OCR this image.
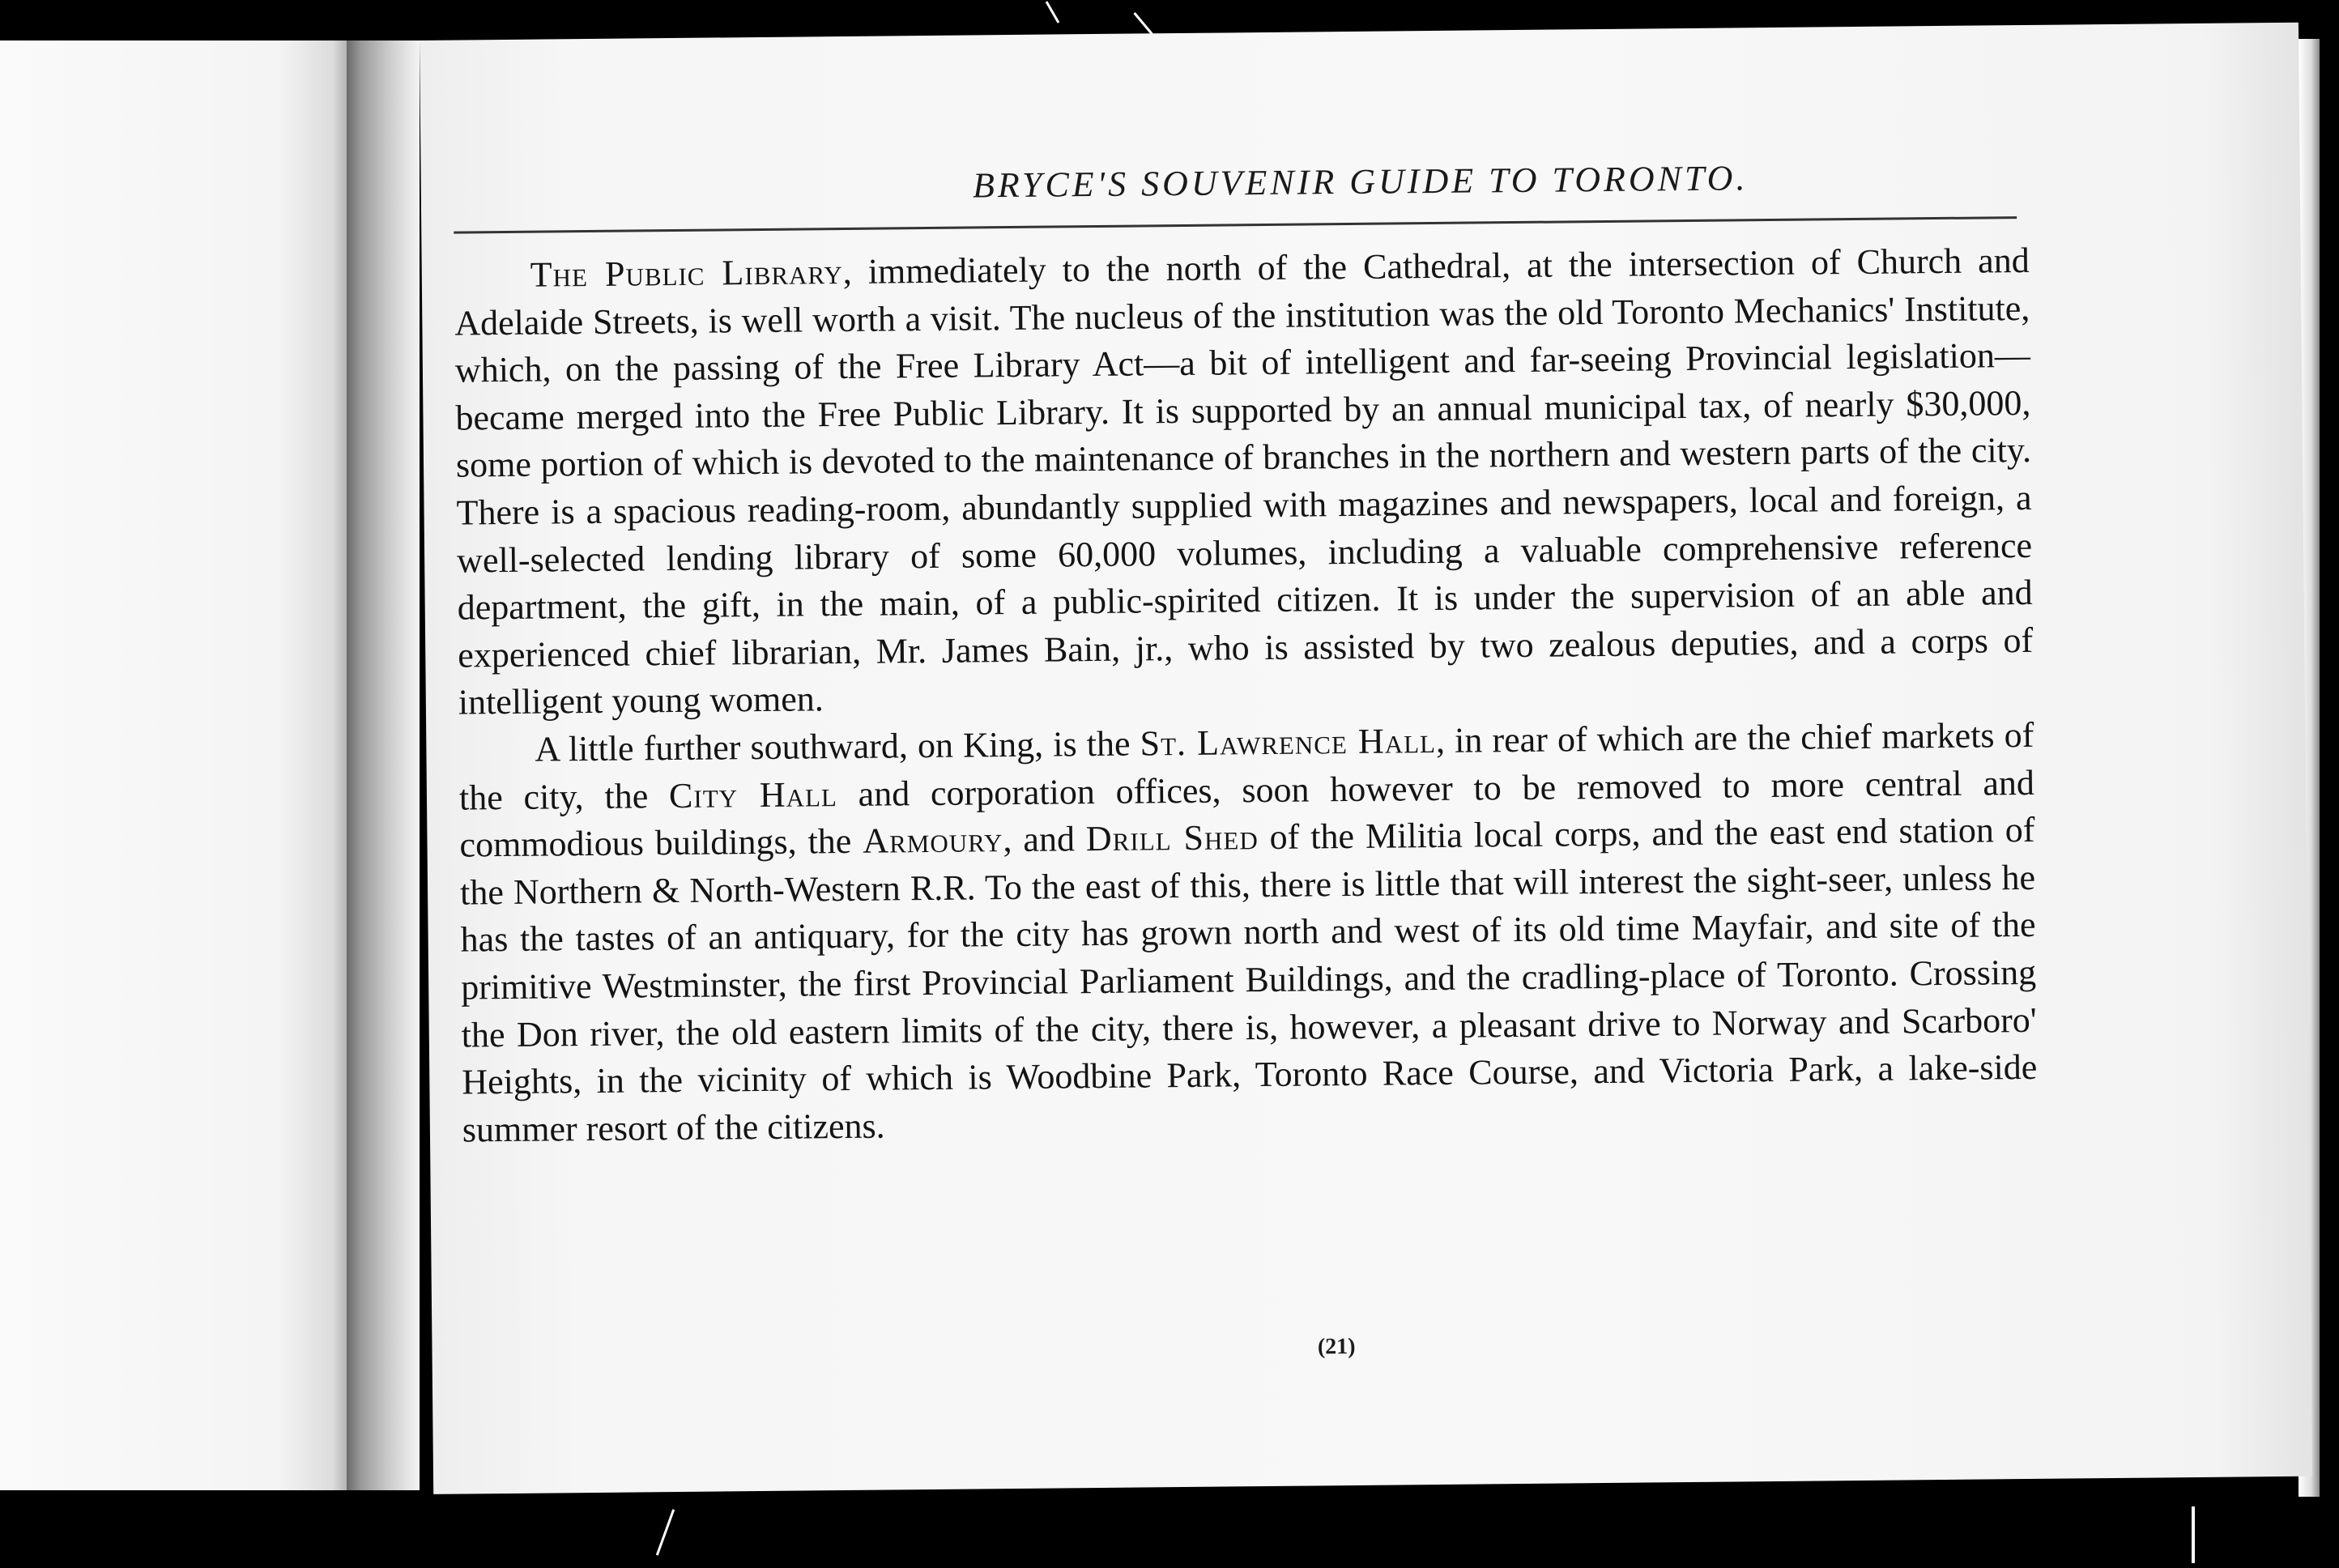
BRYCE'S SOUVENIR GUIDE TO TORONTO.

The Public Library, immediately to the north of the Cathedral, at the intersection of Church and Adelaide Streets, is well worth a visit. The nucleus of the institution was the old Toronto Mechanics' Institute, which, on the passing of the Free Library Act—a bit of intelligent and far-seeing Provincial legislation—became merged into the Free Public Library. It is supported by an annual municipal tax, of nearly $30,000, some portion of which is devoted to the maintenance of branches in the northern and western parts of the city. There is a spacious reading-room, abundantly supplied with magazines and newspapers, local and foreign, a well-selected lending library of some 60,000 volumes, including a valuable comprehensive reference department, the gift, in the main, of a public-spirited citizen. It is under the supervision of an able and experienced chief librarian, Mr. James Bain, jr., who is assisted by two zealous deputies, and a corps of intelligent young women.

A little further southward, on King, is the St. Lawrence Hall, in rear of which are the chief markets of the city, the City Hall and corporation offices, soon however to be removed to more central and commodious buildings, the Armoury, and Drill Shed of the Militia local corps, and the east end station of the Northern & North-Western R.R. To the east of this, there is little that will interest the sight-seer, unless he has the tastes of an antiquary, for the city has grown north and west of its old time Mayfair, and site of the primitive Westminster, the first Provincial Parliament Buildings, and the cradling-place of Toronto. Crossing the Don river, the old eastern limits of the city, there is, however, a pleasant drive to Norway and Scarboro' Heights, in the vicinity of which is Woodbine Park, Toronto Race Course, and Victoria Park, a lake-side summer resort of the citizens.

(21)
